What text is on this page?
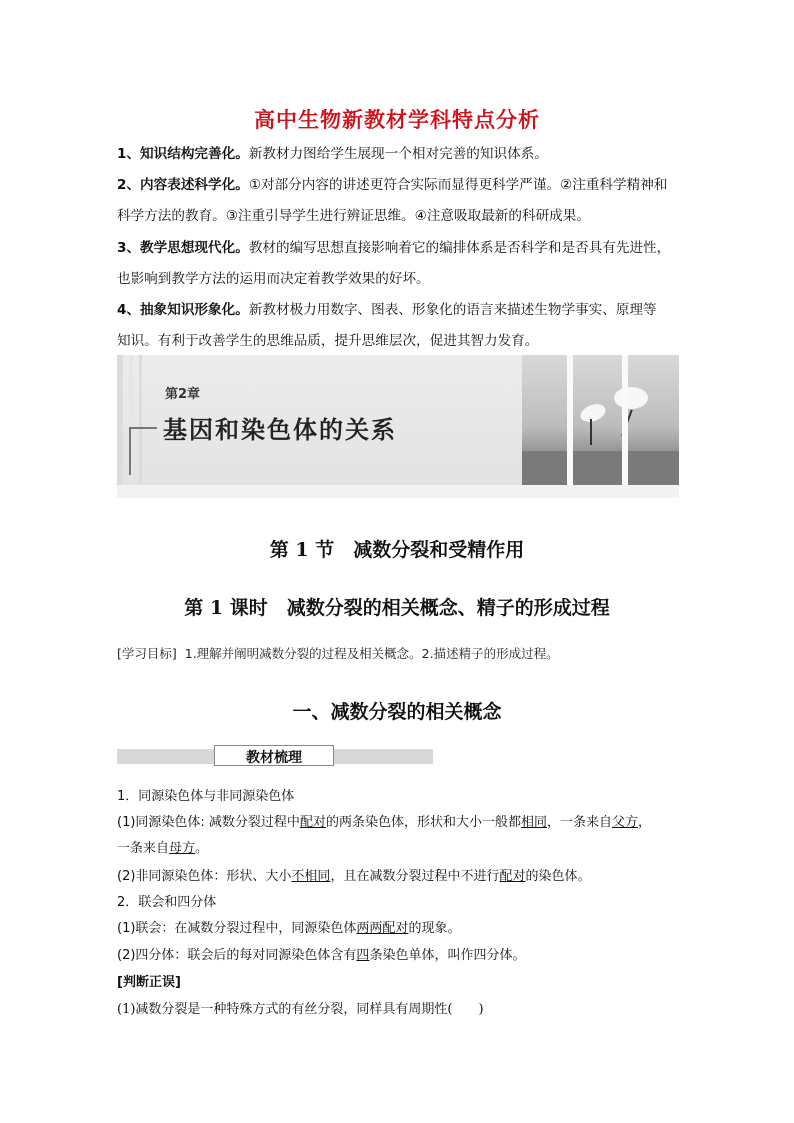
高中生物新教材学科特点分析
1、知识结构完善化。新教材力图给学生展现一个相对完善的知识体系。
2、内容表述科学化。①对部分内容的讲述更符合实际而显得更科学严谨。②注重科学精神和
科学方法的教育。③注重引导学生进行辨证思维。④注意吸取最新的科研成果。
3、教学思想现代化。教材的编写思想直接影响着它的编排体系是否科学和是否具有先进性，
也影响到教学方法的运用而决定着教学效果的好坏。
4、抽象知识形象化。新教材极力用数字、图表、形象化的语言来描述生物学事实、原理等
知识。有利于改善学生的思维品质，提升思维层次，促进其智力发育。
第2章
基因和染色体的关系
第 1 节　减数分裂和受精作用
第 1 课时　减数分裂的相关概念、精子的形成过程
[学习目标] 1.理解并阐明减数分裂的过程及相关概念。2.描述精子的形成过程。
一、减数分裂的相关概念
教材梳理
1．同源染色体与非同源染色体
(1)同源染色体: 减数分裂过程中配对的两条染色体，形状和大小一般都相同，一条来自父方，
一条来自母方。
(2)非同源染色体：形状、大小不相同，且在减数分裂过程中不进行配对的染色体。
2．联会和四分体
(1)联会：在减数分裂过程中，同源染色体两两配对的现象。
(2)四分体：联会后的每对同源染色体含有四条染色单体，叫作四分体。
[判断正误]
(1)减数分裂是一种特殊方式的有丝分裂，同样具有周期性(　　)
